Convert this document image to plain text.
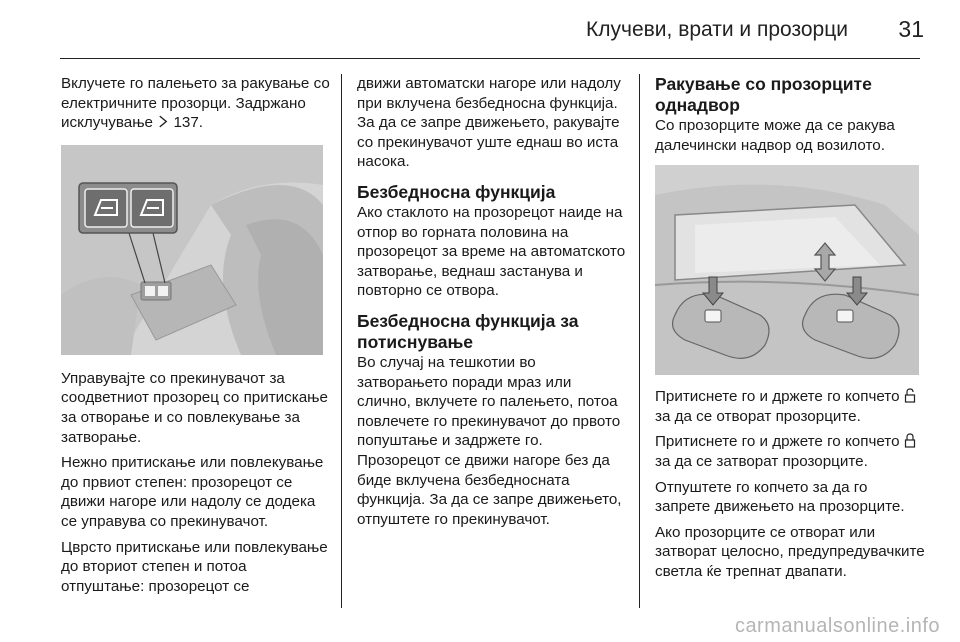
Клучеви, врати и прозорци 31

Вклучете го палењето за ракување со електричните прозорци. Задржано исклучување  137.

Управувајте со прекинувачот за соодветниот прозорец со притискање за отворање и со повлекување за затворање.

Нежно притискање или повлекување до првиот степен: прозорецот се движи нагоре или надолу се додека се управува со прекинувачот.

Цврсто притискање или повлекување до вториот степен и потоа отпуштање: прозорецот се

движи автоматски нагоре или надолу при вклучена безбедносна функција. За да се запре движењето, ракувајте со прекинувачот уште еднаш во иста насока.

Безбедносна функција

Ако стаклото на прозорецот наиде на отпор во горната половина на прозорецот за време на автоматското затворање, веднаш застанува и повторно се отвора.

Безбедносна функција за потиснување

Во случај на тешкотии во затворањето поради мраз или слично, вклучете го палењето, потоа повлечете го прекинувачот до првото попуштање и задржете го. Прозорецот се движи нагоре без да биде вклучена безбедносната функција. За да се запре движењето, отпуштете го прекинувачот.

Ракување со прозорците однадвор

Со прозорците може да се ракува далечински надвор од возилото.

Притиснете го и држете го копчето  за да се отворат прозорците.

Притиснете го и држете го копчето  за да се затворат прозорците.

Отпуштете го копчето за да го запрете движењето на прозорците.

Ако прозорците се отворат или затворат целосно, предупредувачките светла ќе трепнат двапати.

carmanualsonline.info
